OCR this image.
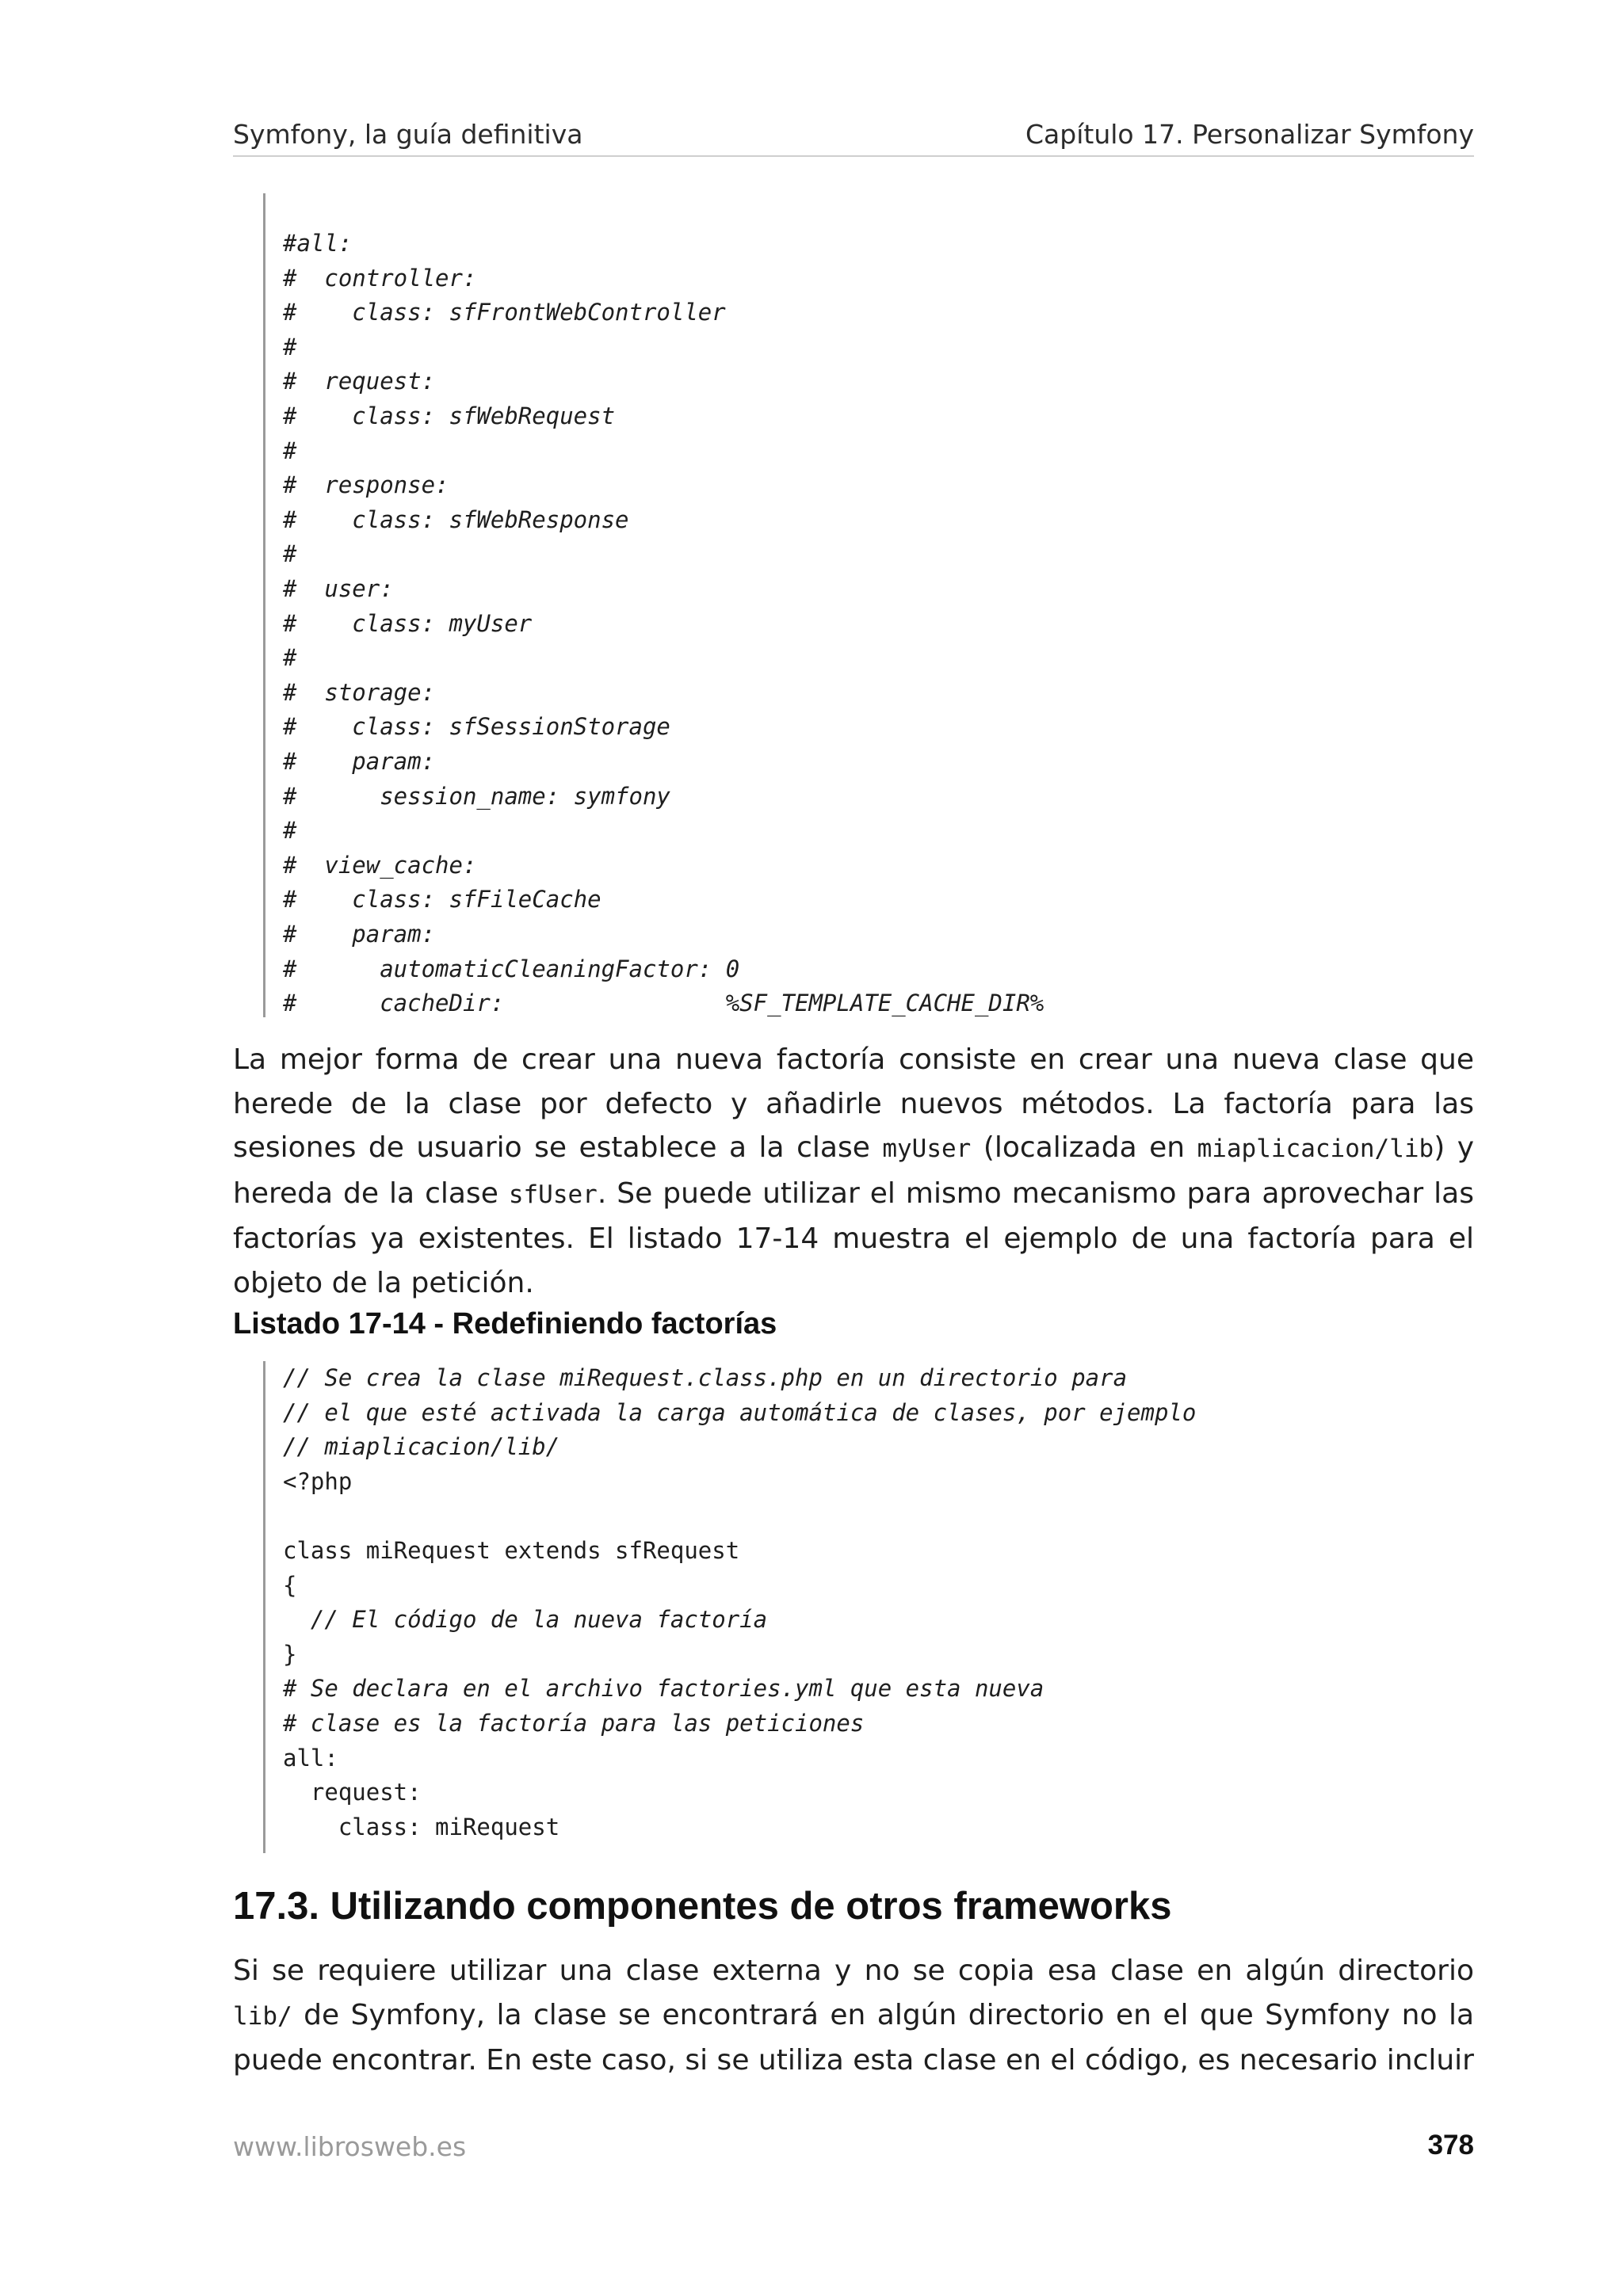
Symfony, la guía definitiva	Capítulo 17. Personalizar Symfony
#all:
#  controller:
#    class: sfFrontWebController
#
#  request:
#    class: sfWebRequest
#
#  response:
#    class: sfWebResponse
#
#  user:
#    class: myUser
#
#  storage:
#    class: sfSessionStorage
#    param:
#      session_name: symfony
#
#  view_cache:
#    class: sfFileCache
#    param:
#      automaticCleaningFactor: 0
#      cacheDir:                %SF_TEMPLATE_CACHE_DIR%
La mejor forma de crear una nueva factoría consiste en crear una nueva clase que herede de la clase por defecto y añadirle nuevos métodos. La factoría para las sesiones de usuario se establece a la clase myUser (localizada en miaplicacion/lib) y hereda de la clase sfUser. Se puede utilizar el mismo mecanismo para aprovechar las factorías ya existentes. El listado 17-14 muestra el ejemplo de una factoría para el objeto de la petición.
Listado 17-14 - Redefiniendo factorías
// Se crea la clase miRequest.class.php en un directorio para
// el que esté activada la carga automática de clases, por ejemplo
// miaplicacion/lib/
<?php
class miRequest extends sfRequest
{
// El código de la nueva factoría
}
# Se declara en el archivo factories.yml que esta nueva
# clase es la factoría para las peticiones
all:
request:
class: miRequest
17.3. Utilizando componentes de otros frameworks
Si se requiere utilizar una clase externa y no se copia esa clase en algún directorio lib/ de Symfony, la clase se encontrará en algún directorio en el que Symfony no la puede encontrar. En este caso, si se utiliza esta clase en el código, es necesario incluir
www.librosweb.es	378
